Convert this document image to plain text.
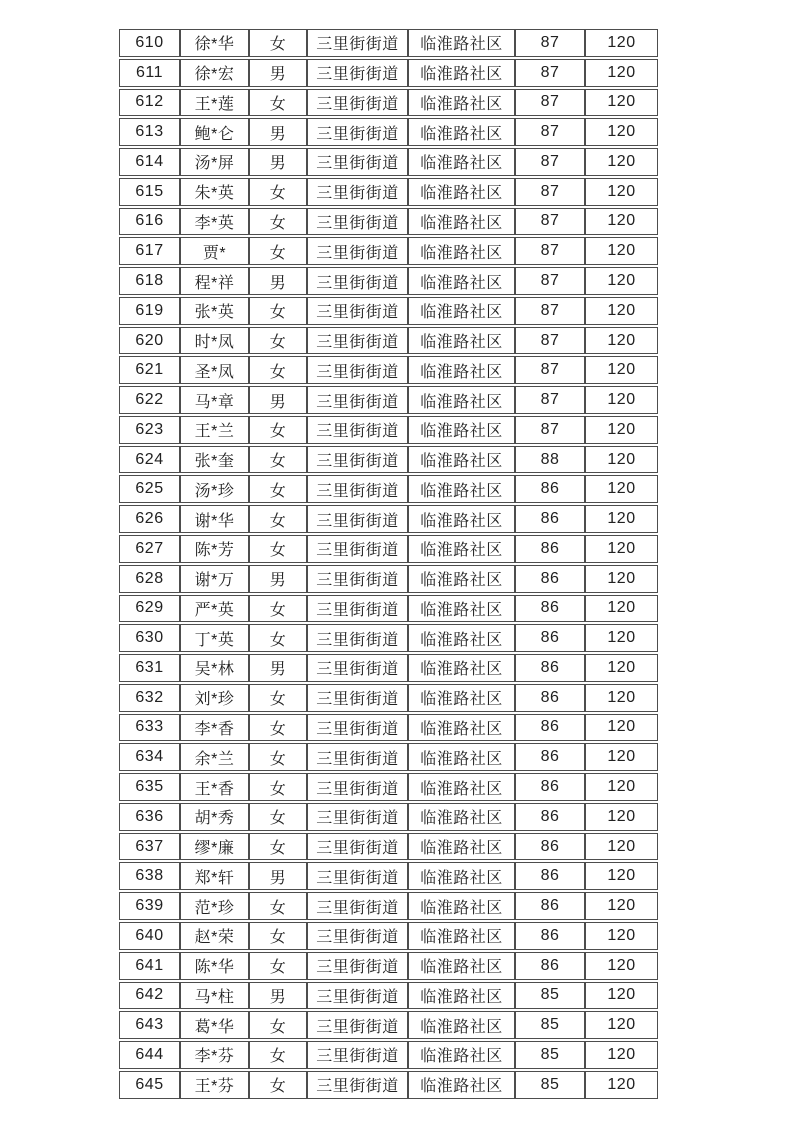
610	徐*华	女	三里街街道	临淮路社区	87	120
611	徐*宏	男	三里街街道	临淮路社区	87	120
612	王*莲	女	三里街街道	临淮路社区	87	120
613	鲍*仑	男	三里街街道	临淮路社区	87	120
614	汤*屏	男	三里街街道	临淮路社区	87	120
615	朱*英	女	三里街街道	临淮路社区	87	120
616	李*英	女	三里街街道	临淮路社区	87	120
617	贾*	女	三里街街道	临淮路社区	87	120
618	程*祥	男	三里街街道	临淮路社区	87	120
619	张*英	女	三里街街道	临淮路社区	87	120
620	时*凤	女	三里街街道	临淮路社区	87	120
621	圣*凤	女	三里街街道	临淮路社区	87	120
622	马*章	男	三里街街道	临淮路社区	87	120
623	王*兰	女	三里街街道	临淮路社区	87	120
624	张*奎	女	三里街街道	临淮路社区	88	120
625	汤*珍	女	三里街街道	临淮路社区	86	120
626	谢*华	女	三里街街道	临淮路社区	86	120
627	陈*芳	女	三里街街道	临淮路社区	86	120
628	谢*万	男	三里街街道	临淮路社区	86	120
629	严*英	女	三里街街道	临淮路社区	86	120
630	丁*英	女	三里街街道	临淮路社区	86	120
631	吴*林	男	三里街街道	临淮路社区	86	120
632	刘*珍	女	三里街街道	临淮路社区	86	120
633	李*香	女	三里街街道	临淮路社区	86	120
634	余*兰	女	三里街街道	临淮路社区	86	120
635	王*香	女	三里街街道	临淮路社区	86	120
636	胡*秀	女	三里街街道	临淮路社区	86	120
637	缪*廉	女	三里街街道	临淮路社区	86	120
638	郑*轩	男	三里街街道	临淮路社区	86	120
639	范*珍	女	三里街街道	临淮路社区	86	120
640	赵*荣	女	三里街街道	临淮路社区	86	120
641	陈*华	女	三里街街道	临淮路社区	86	120
642	马*柱	男	三里街街道	临淮路社区	85	120
643	葛*华	女	三里街街道	临淮路社区	85	120
644	李*芬	女	三里街街道	临淮路社区	85	120
645	王*芬	女	三里街街道	临淮路社区	85	120
